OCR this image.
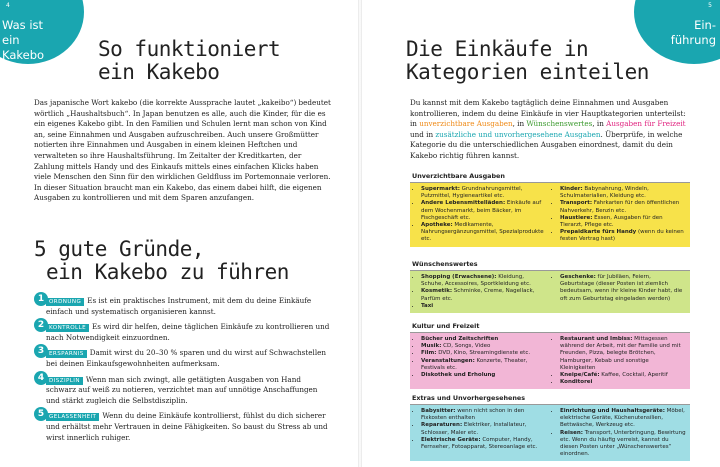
4
Was ist ein
Kakebo	So funktioniert
ein Kakebo

Das japanische Wort kakebo (die korrekte Aussprache lautet „kakeibo“) bedeutet wörtlich „Haushaltsbuch“. In Japan benutzen es alle, auch die Kinder, für die es ein eigenes Kakebo gibt. In den Familien und Schulen lernt man schon von Kind an, seine Einnahmen und Ausgaben aufzuschreiben. Auch unsere Großmütter notierten ihre Einnahmen und Ausgaben in einem kleinen Heftchen und verwalteten so ihre Haushaltsführung. Im Zeitalter der Kreditkarten, der Zahlung mittels Handy und des Einkaufs mittels eines einfachen Klicks haben viele Menschen den Sinn für den wirklichen Geldfluss im Portemonnaie verloren. In dieser Situation braucht man ein Kakebo, das einem dabei hilft, die eigenen Ausgaben zu kontrollieren und mit dem Sparen anzufangen.

5 gute Gründe,
ein Kakebo zu führen
1 ORDNUNG Es ist ein praktisches Instrument, mit dem du deine Einkäufe einfach und systematisch organisieren kannst.
2 KONTROLLE Es wird dir helfen, deine täglichen Einkäufe zu kontrollieren und nach Notwendigkeit einzuordnen.
3 ERSPARNIS Damit wirst du 20–30 % sparen und du wirst auf Schwachstellen bei deinen Einkaufsgewohnheiten aufmerksam.
4 DISZIPLIN Wenn man sich zwingt, alle getätigten Ausgaben von Hand schwarz auf weiß zu notieren, verzichtet man auf unnötige Anschaffungen und stärkt zugleich die Selbstdisziplin.
5 GELASSENHEIT Wenn du deine Einkäufe kontrollierst, fühlst du dich sicherer und erhältst mehr Vertrauen in deine Fähigkeiten. So baust du Stress ab und wirst innerlich ruhiger.
5
Ein-
führung
Die Einkäufe in
Kategorien einteilen

Du kannst mit dem Kakebo tagtäglich deine Einnahmen und Ausgaben kontrollieren, indem du deine Einkäufe in vier Hauptkategorien unterteilst: in unverzichtbare Ausgaben, in Wünschenswertes, in Ausgaben für Freizeit und in zusätzliche und unvorhergesehene Ausgaben. Überprüfe, in welche Kategorie du die unterschiedlichen Ausgaben einordnest, damit du dein Kakebo richtig führen kannst.

Unverzichtbare Ausgaben
• Supermarkt: Grundnahrungsmittel, Putzmittel, Hygieneartikel etc.
• Andere Lebensmittelläden: Einkäufe auf dem Wochenmarkt, beim Bäcker, im Fischgeschäft etc.
• Apotheke: Medikamente, Nahrungsergänzungsmittel, Spezialprodukte etc.
• Kinder: Babynahrung, Windeln, Schulmaterialien, Kleidung etc.
• Transport: Fahrkarten für den öffentlichen Nahverkehr, Benzin etc.
• Haustiere: Essen, Ausgaben für den Tierarzt, Pflege etc.
• Prepaidkarte fürs Handy (wenn du keinen festen Vertrag hast)
Wünschenswertes
• Shopping (Erwachsene): Kleidung, Schuhe, Accessoires, Sportkleidung etc.
• Kosmetik: Schminke, Creme, Nagellack, Parfüm etc.
• Taxi
• Geschenke: für Jubiläen, Feiern, Geburtstage (dieser Posten ist ziemlich bedeutsam, wenn ihr kleine Kinder habt, die oft zum Geburtstag eingeladen werden)
Kultur und Freizeit
• Bücher und Zeitschriften
• Musik: CD, Songs, Video
• Film: DVD, Kino, Streamingdienste etc.
• Veranstaltungen: Konzerte, Theater, Festivals etc.
• Diskothek und Erholung
• Restaurant und Imbiss: Mittagessen während der Arbeit, mit der Familie und mit Freunden, Pizza, belegte Brötchen, Hamburger, Kebab und sonstige Kleinigkeiten
• Kneipe/Café: Kaffee, Cocktail, Aperitif
• Konditorei
Extras und Unvorhergesehenes
• Babysitter: wenn nicht schon in den Fixkosten enthalten
• Reparaturen: Elektriker, Installateur, Schlosser, Maler etc.
• Elektrische Geräte: Computer, Handy, Fernseher, Fotoapparat, Stereoanlage etc.
• Einrichtung und Haushaltsgeräte: Möbel, elektrische Geräte, Küchenutensilien, Bettwäsche, Werkzeug etc.
• Reisen: Transport, Unterbringung, Bewirtung etc. Wenn du häufig verreist, kannst du diesen Posten unter „Wünschenswertes“ einordnen.
